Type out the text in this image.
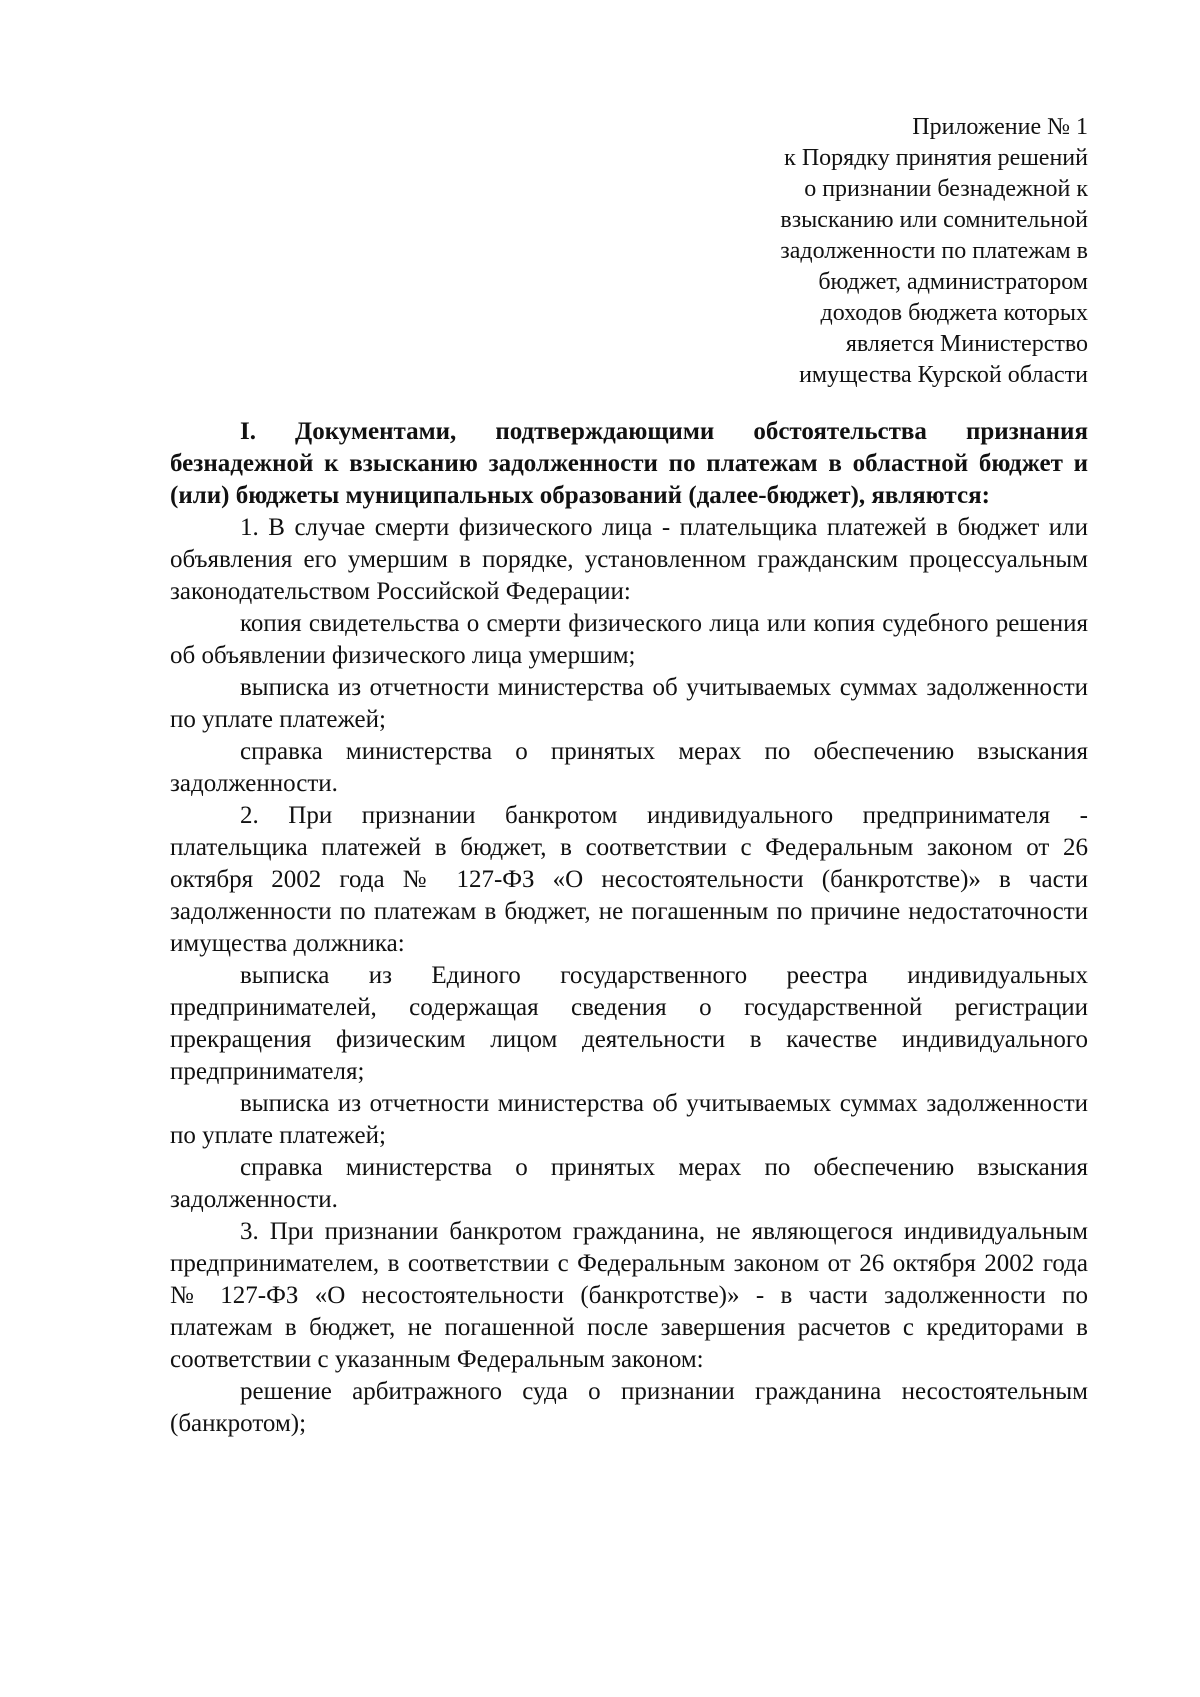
Приложение № 1
к Порядку принятия решений
о признании безнадежной к
взысканию или сомнительной
задолженности по платежам в
бюджет, администратором
доходов бюджета которых
является Министерство
имущества Курской области

I. Документами, подтверждающими обстоятельства признания безнадежной к взысканию задолженности по платежам в областной бюджет и (или) бюджеты муниципальных образований (далее-бюджет), являются:

1. В случае смерти физического лица - плательщика платежей в бюджет или объявления его умершим в порядке, установленном гражданским процессуальным законодательством Российской Федерации:

копия свидетельства о смерти физического лица или копия судебного решения об объявлении физического лица умершим;

выписка из отчетности министерства об учитываемых суммах задолженности по уплате платежей;

справка министерства о принятых мерах по обеспечению взыскания задолженности.

2. При признании банкротом индивидуального предпринимателя - плательщика платежей в бюджет, в соответствии с Федеральным законом от 26 октября 2002 года № 127-ФЗ «О несостоятельности (банкротстве)» в части задолженности по платежам в бюджет, не погашенным по причине недостаточности имущества должника:

выписка из Единого государственного реестра индивидуальных предпринимателей, содержащая сведения о государственной регистрации прекращения физическим лицом деятельности в качестве индивидуального предпринимателя;

выписка из отчетности министерства об учитываемых суммах задолженности по уплате платежей;

справка министерства о принятых мерах по обеспечению взыскания задолженности.

3. При признании банкротом гражданина, не являющегося индивидуальным предпринимателем, в соответствии с Федеральным законом от 26 октября 2002 года № 127-ФЗ «О несостоятельности (банкротстве)» - в части задолженности по платежам в бюджет, не погашенной после завершения расчетов с кредиторами в соответствии с указанным Федеральным законом:

решение арбитражного суда о признании гражданина несостоятельным (банкротом);
